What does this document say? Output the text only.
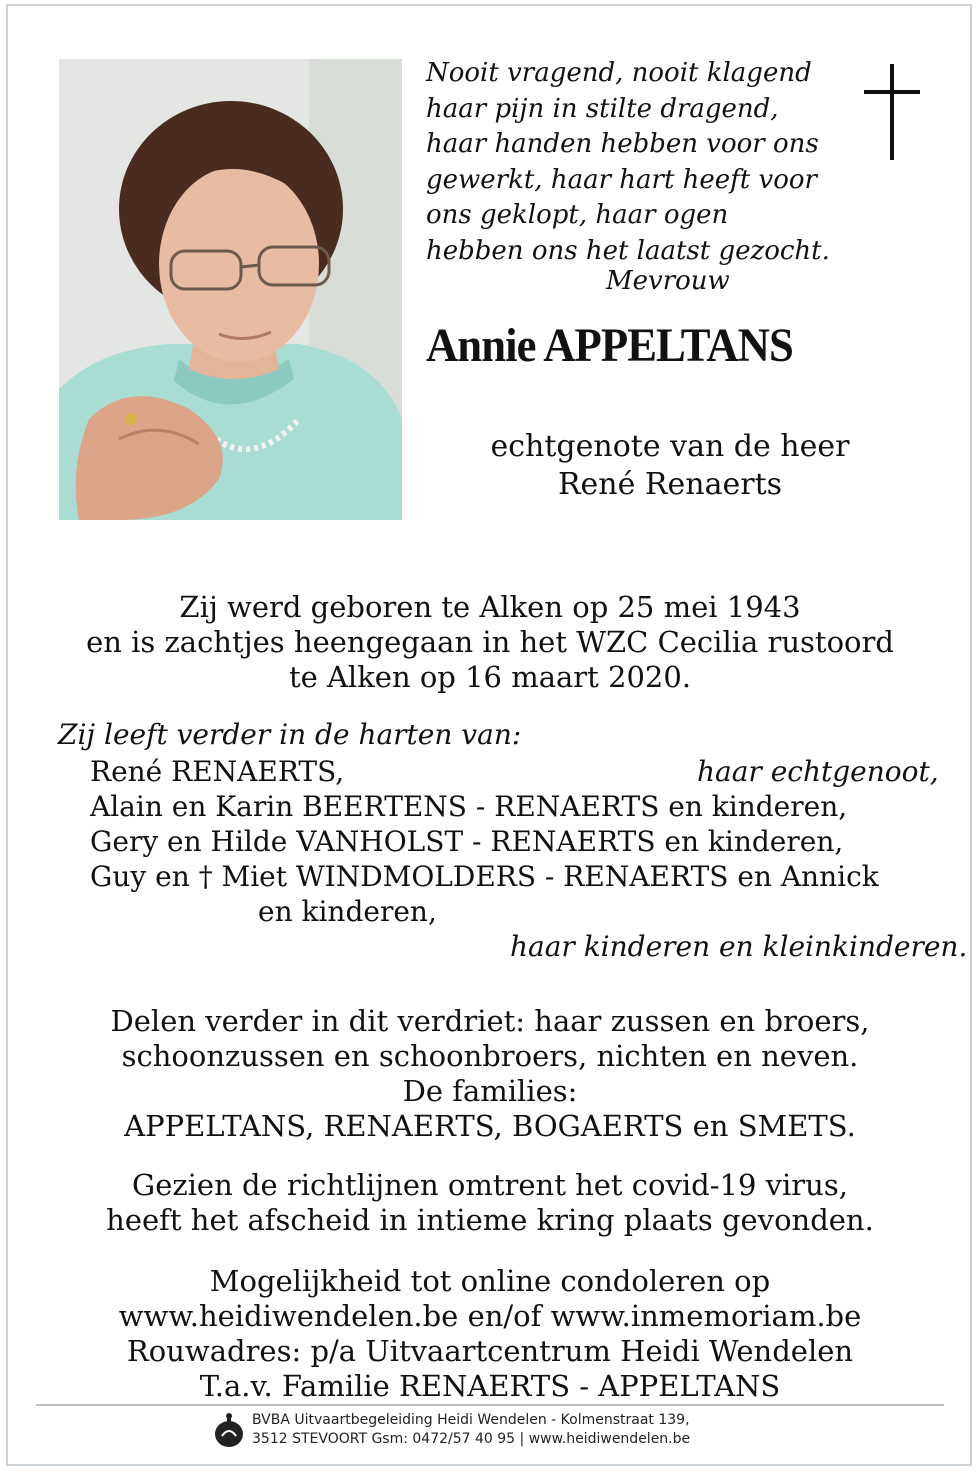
Nooit vragend, nooit klagend
haar pijn in stilte dragend,
haar handen hebben voor ons
gewerkt, haar hart heeft voor
ons geklopt, haar ogen
hebben ons het laatst gezocht.
Mevrouw
Annie APPELTANS
echtgenote van de heer
René Renaerts
Zij werd geboren te Alken op 25 mei 1943
en is zachtjes heengegaan in het WZC Cecilia rustoord
te Alken op 16 maart 2020.
Zij leeft verder in de harten van:
René RENAERTS,	haar echtgenoot,
Alain en Karin BEERTENS - RENAERTS en kinderen,
Gery en Hilde VANHOLST - RENAERTS en kinderen,
Guy en † Miet WINDMOLDERS - RENAERTS en Annick
en kinderen,
haar kinderen en kleinkinderen.
Delen verder in dit verdriet: haar zussen en broers,
schoonzussen en schoonbroers, nichten en neven.
De families:
APPELTANS, RENAERTS, BOGAERTS en SMETS.
Gezien de richtlijnen omtrent het covid-19 virus,
heeft het afscheid in intieme kring plaats gevonden.
Mogelijkheid tot online condoleren op
www.heidiwendelen.be en/of www.inmemoriam.be
Rouwadres: p/a Uitvaartcentrum Heidi Wendelen
T.a.v. Familie RENAERTS - APPELTANS
BVBA Uitvaartbegeleiding Heidi Wendelen - Kolmenstraat 139,
3512 STEVOORT Gsm: 0472/57 40 95 | www.heidiwendelen.be
